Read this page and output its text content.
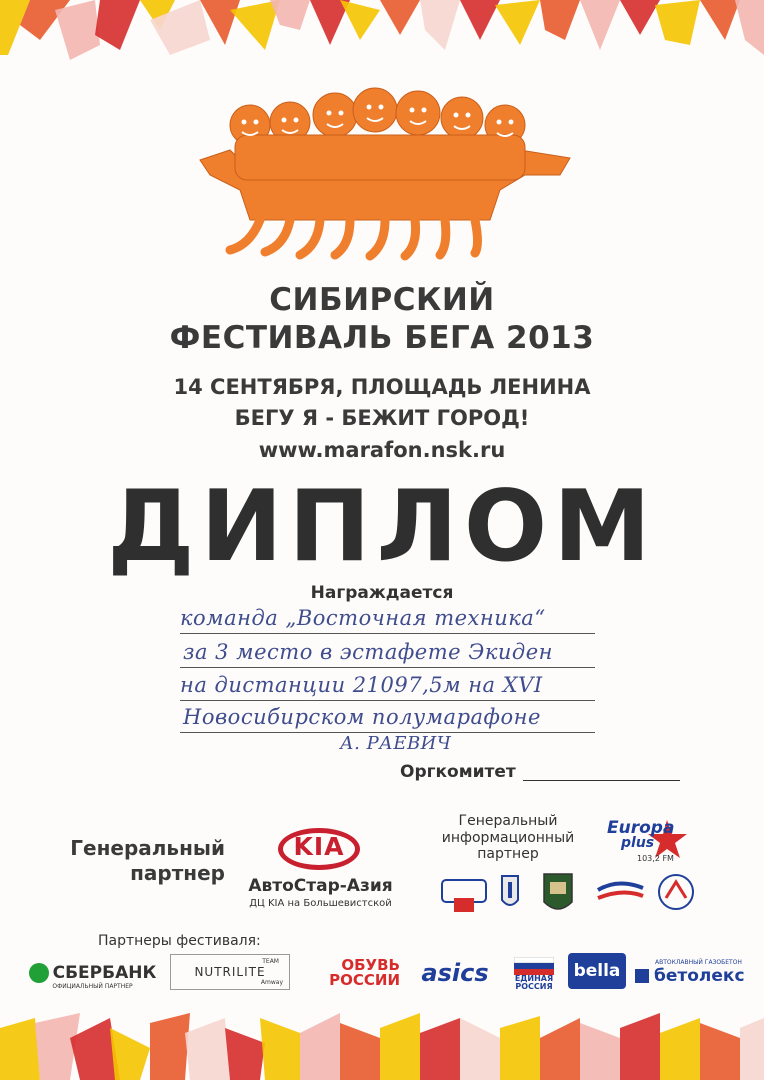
СИБИРСКИЙ
ФЕСТИВАЛЬ БЕГА 2013
14 СЕНТЯБРЯ, ПЛОЩАДЬ ЛЕНИНА
БЕГУ Я - БЕЖИТ ГОРОД!
www.marafon.nsk.ru
ДИПЛОМ
Награждается
команда „Восточная техника“
за 3 место в эстафете Экиден
на дистанции 21097,5м на XVI
Новосибирском полумарафоне
А. РАЕВИЧ
Оргкомитет
Генеральный
партнер
KIA
АвтоСтар-Азия
ДЦ KIA на Большевистской
Генеральный
информационный
партнер
Europa
plus
103,2 FM
Партнеры фестиваля:
СБЕРБАНК
ОФИЦИАЛЬНЫЙ ПАРТНЕР
TEAM
NUTRILITE
Amway
ОБУВЬ
РОССИИ asics	ЕДИНАЯ
РОССИЯ
bella	АВТОКЛАВНЫЙ ГАЗОБЕТОН
бетолекс
